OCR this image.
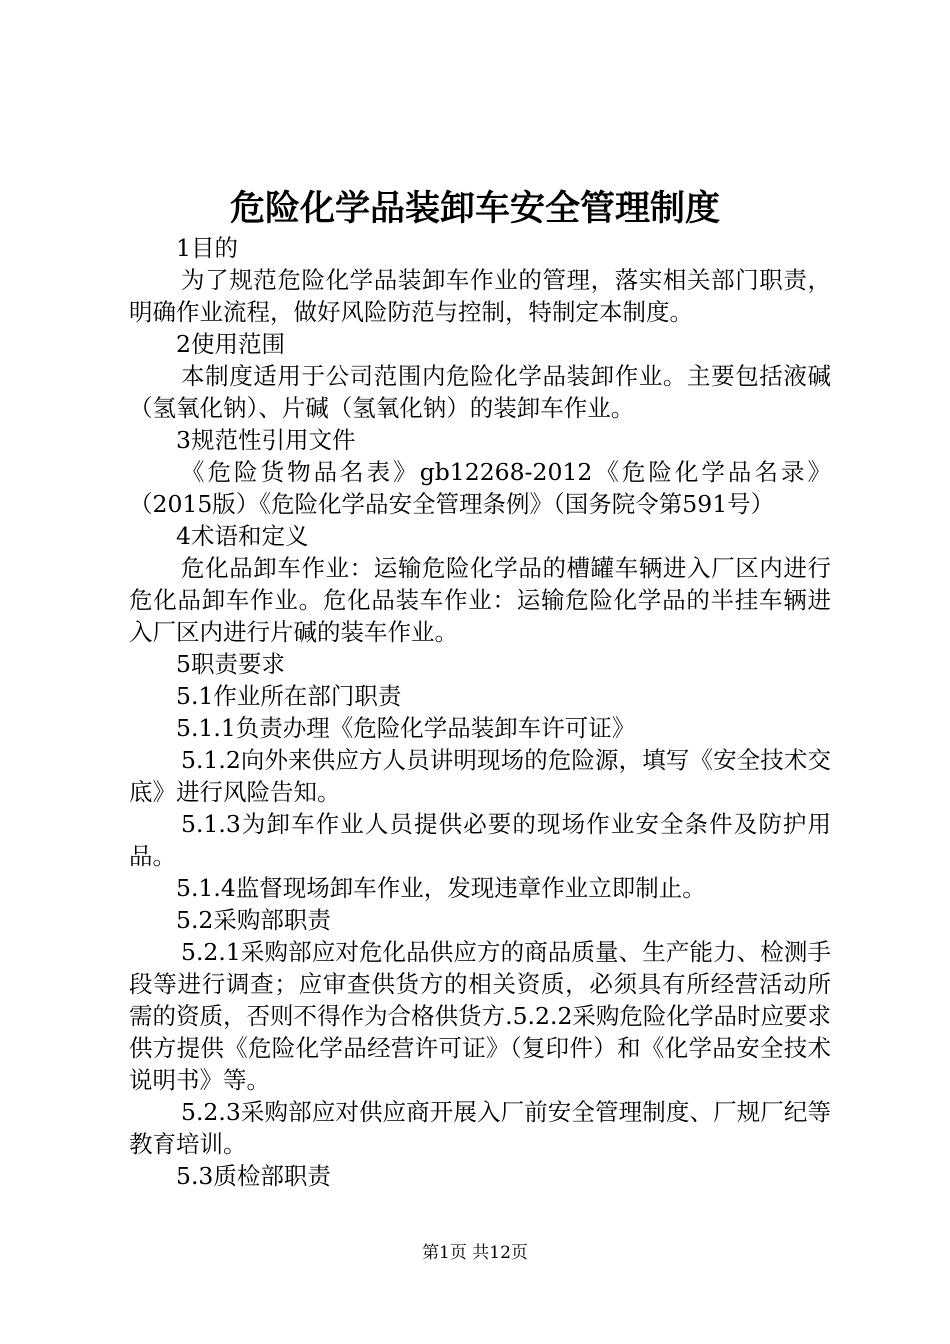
危险化学品装卸车安全管理制度

1目的

为了规范危险化学品装卸车作业的管理，落实相关部门职责，明确作业流程，做好风险防范与控制，特制定本制度。

2使用范围

本制度适用于公司范围内危险化学品装卸作业。主要包括液碱（氢氧化钠）、片碱（氢氧化钠）的装卸车作业。

3规范性引用文件

《危险货物品名表》gb12268-2012《危险化学品名录》（2015版）《危险化学品安全管理条例》（国务院令第591号）

4术语和定义

危化品卸车作业：运输危险化学品的槽罐车辆进入厂区内进行危化品卸车作业。危化品装车作业：运输危险化学品的半挂车辆进入厂区内进行片碱的装车作业。

5职责要求

5.1作业所在部门职责

5.1.1负责办理《危险化学品装卸车许可证》

5.1.2向外来供应方人员讲明现场的危险源，填写《安全技术交底》进行风险告知。

5.1.3为卸车作业人员提供必要的现场作业安全条件及防护用品。

5.1.4监督现场卸车作业，发现违章作业立即制止。

5.2采购部职责

5.2.1采购部应对危化品供应方的商品质量、生产能力、检测手段等进行调查；应审查供货方的相关资质，必须具有所经营活动所需的资质，否则不得作为合格供货方.5.2.2采购危险化学品时应要求供方提供《危险化学品经营许可证》（复印件）和《化学品安全技术说明书》等。

5.2.3采购部应对供应商开展入厂前安全管理制度、厂规厂纪等教育培训。

5.3质检部职责

第1页 共12页
